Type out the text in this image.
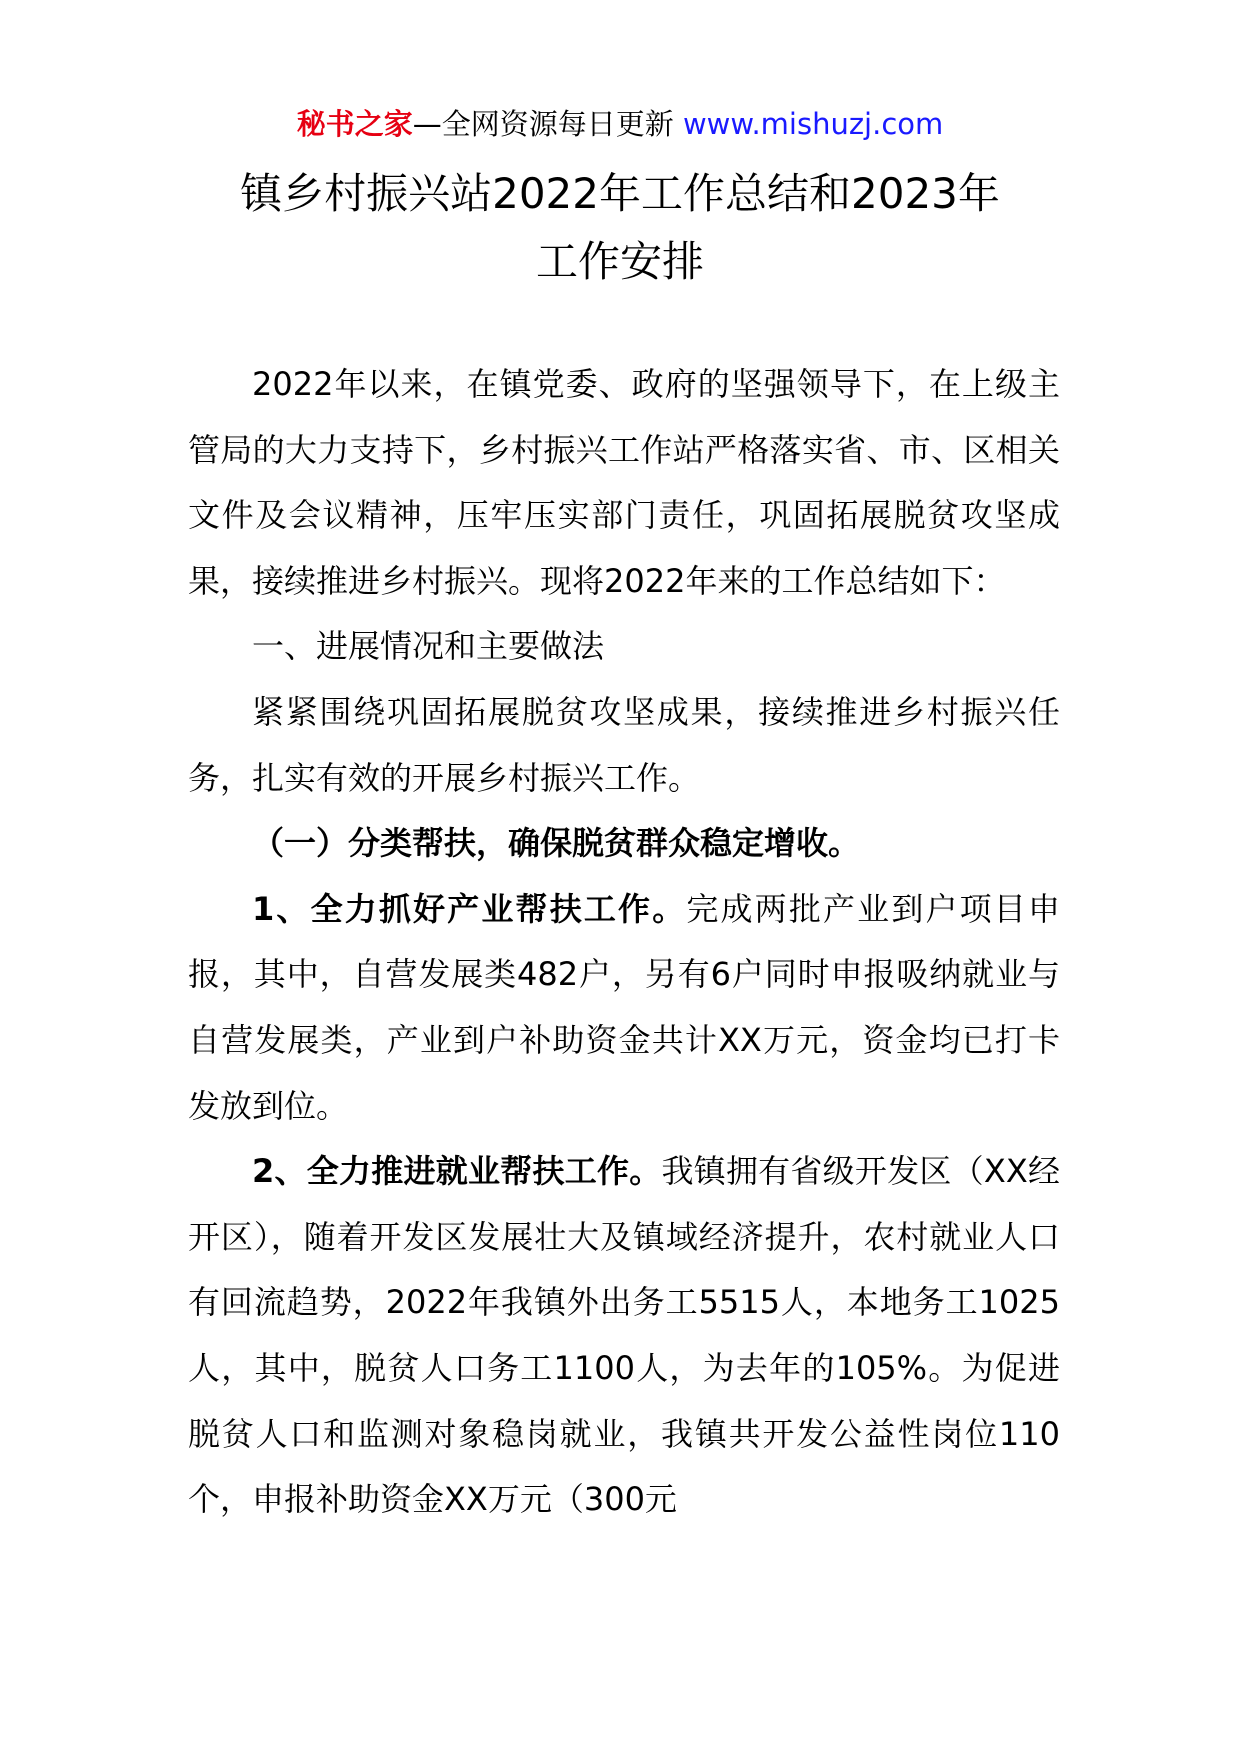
秘书之家—全网资源每日更新 www.mishuzj.com
镇乡村振兴站2022年工作总结和2023年
工作安排

2022年以来，在镇党委、政府的坚强领导下，在上级主管局的大力支持下，乡村振兴工作站严格落实省、市、区相关文件及会议精神，压牢压实部门责任，巩固拓展脱贫攻坚成果，接续推进乡村振兴。现将2022年来的工作总结如下：

一、进展情况和主要做法

紧紧围绕巩固拓展脱贫攻坚成果，接续推进乡村振兴任务，扎实有效的开展乡村振兴工作。

（一）分类帮扶，确保脱贫群众稳定增收。

1、全力抓好产业帮扶工作。完成两批产业到户项目申报，其中，自营发展类482户，另有6户同时申报吸纳就业与自营发展类，产业到户补助资金共计XX万元，资金均已打卡发放到位。

2、全力推进就业帮扶工作。我镇拥有省级开发区（XX经开区），随着开发区发展壮大及镇域经济提升，农村就业人口有回流趋势，2022年我镇外出务工5515人，本地务工1025人，其中，脱贫人口务工1100人，为去年的105%。为促进脱贫人口和监测对象稳岗就业，我镇共开发公益性岗位110个，申报补助资金XX万元（300元
